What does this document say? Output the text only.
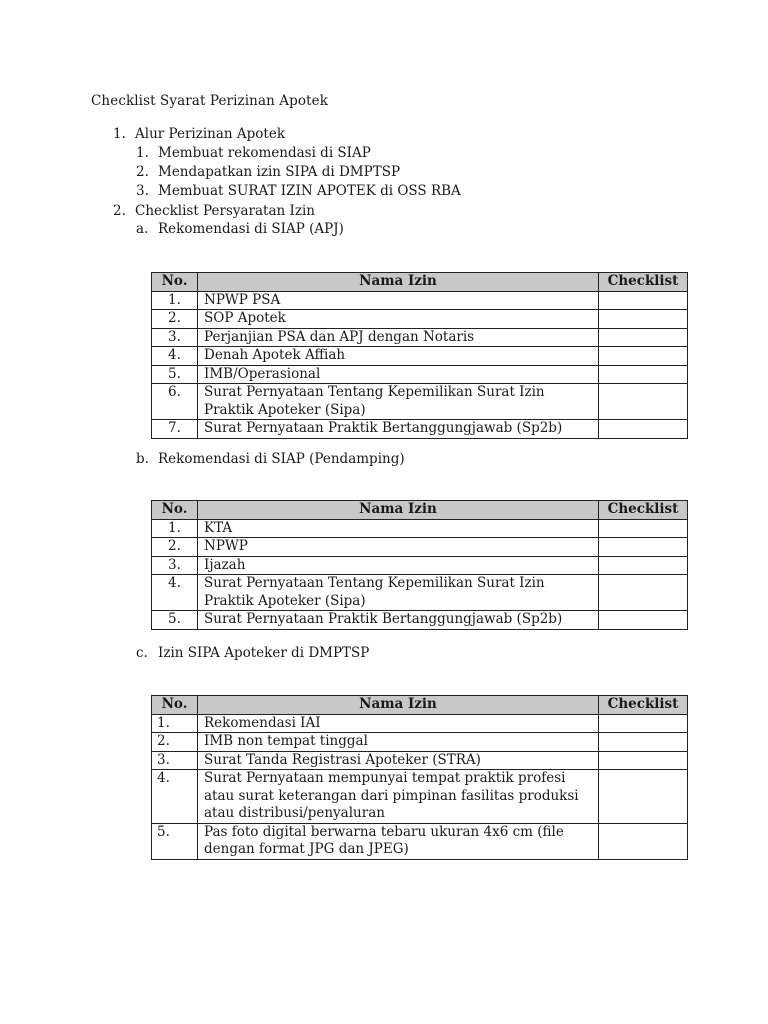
Checklist Syarat Perizinan Apotek
1. Alur Perizinan Apotek
1. Membuat rekomendasi di SIAP
2. Mendapatkan izin SIPA di DMPTSP
3. Membuat SURAT IZIN APOTEK di OSS RBA
2. Checklist Persyaratan Izin
a. Rekomendasi di SIAP (APJ)
No.	Nama Izin	Checklist
1.	NPWP PSA	
2.	SOP Apotek	
3.	Perjanjian PSA dan APJ dengan Notaris	
4.	Denah Apotek Affiah	
5.	IMB/Operasional	
6.	Surat Pernyataan Tentang Kepemilikan Surat Izin Praktik Apoteker (Sipa)	
7.	Surat Pernyataan Praktik Bertanggungjawab (Sp2b)	
b. Rekomendasi di SIAP (Pendamping)
No.	Nama Izin	Checklist
1.	KTA	
2.	NPWP	
3.	Ijazah	
4.	Surat Pernyataan Tentang Kepemilikan Surat Izin Praktik Apoteker (Sipa)	
5.	Surat Pernyataan Praktik Bertanggungjawab (Sp2b)	
c. Izin SIPA Apoteker di DMPTSP
No.	Nama Izin	Checklist
1.	Rekomendasi IAI	
2.	IMB non tempat tinggal	
3.	Surat Tanda Registrasi Apoteker (STRA)	
4.	Surat Pernyataan mempunyai tempat praktik profesi atau surat keterangan dari pimpinan fasilitas produksi atau distribusi/penyaluran	
5.	Pas foto digital berwarna tebaru ukuran 4x6 cm (file dengan format JPG dan JPEG)	
